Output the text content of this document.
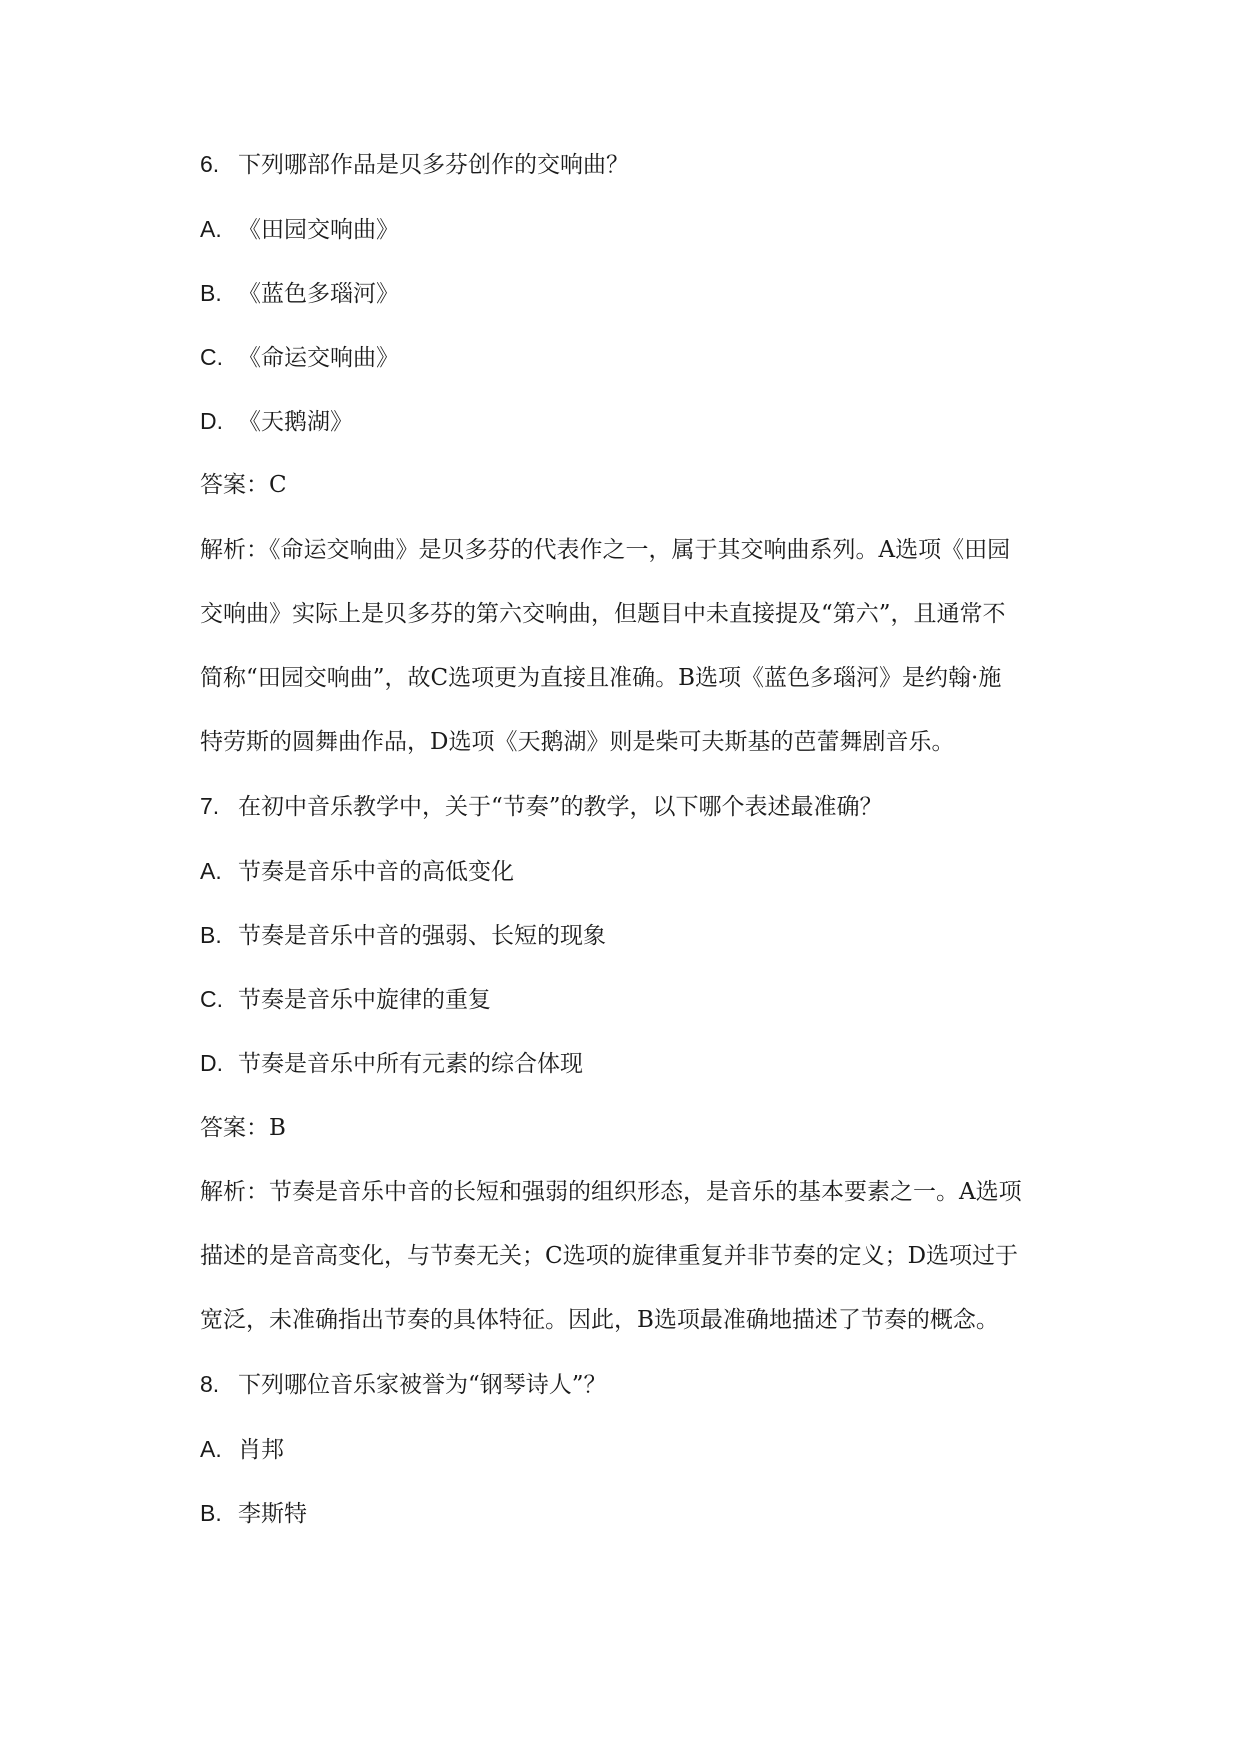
6. 下列哪部作品是贝多芬创作的交响曲？
A. 《田园交响曲》
B. 《蓝色多瑙河》
C. 《命运交响曲》
D. 《天鹅湖》
答案：C
解析：《命运交响曲》是贝多芬的代表作之一，属于其交响曲系列。A选项《田园
交响曲》实际上是贝多芬的第六交响曲，但题目中未直接提及“第六”，且通常不
简称“田园交响曲”，故C选项更为直接且准确。B选项《蓝色多瑙河》是约翰·施
特劳斯的圆舞曲作品，D选项《天鹅湖》则是柴可夫斯基的芭蕾舞剧音乐。
7. 在初中音乐教学中，关于“节奏”的教学，以下哪个表述最准确？
A. 节奏是音乐中音的高低变化
B. 节奏是音乐中音的强弱、长短的现象
C. 节奏是音乐中旋律的重复
D. 节奏是音乐中所有元素的综合体现
答案：B
解析：节奏是音乐中音的长短和强弱的组织形态，是音乐的基本要素之一。A选项
描述的是音高变化，与节奏无关；C选项的旋律重复并非节奏的定义；D选项过于
宽泛，未准确指出节奏的具体特征。因此，B选项最准确地描述了节奏的概念。
8. 下列哪位音乐家被誉为“钢琴诗人”？
A. 肖邦
B. 李斯特
